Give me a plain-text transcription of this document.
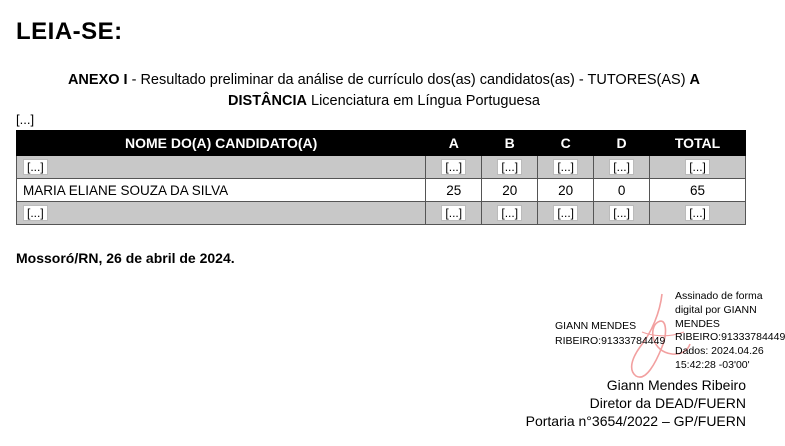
LEIA-SE:
ANEXO I - Resultado preliminar da análise de currículo dos(as) candidatos(as) - TUTORES(AS) A
DISTÂNCIA Licenciatura em Língua Portuguesa
[...]
NOME DO(A) CANDIDATO(A)	A	B	C	D	TOTAL
[...]	[...]	[...]	[...]	[...]	[...]
MARIA ELIANE SOUZA DA SILVA	25	20	20	0	65
[...]	[...]	[...]	[...]	[...]	[...]
Mossoró/RN, 26 de abril de 2024.
GIANN MENDES
RIBEIRO:91333784449
Assinado de forma
digital por GIANN
MENDES
RIBEIRO:91333784449
Dados: 2024.04.26
15:42:28 -03'00'
Giann Mendes Ribeiro
Diretor da DEAD/FUERN
Portaria n°3654/2022 – GP/FUERN
